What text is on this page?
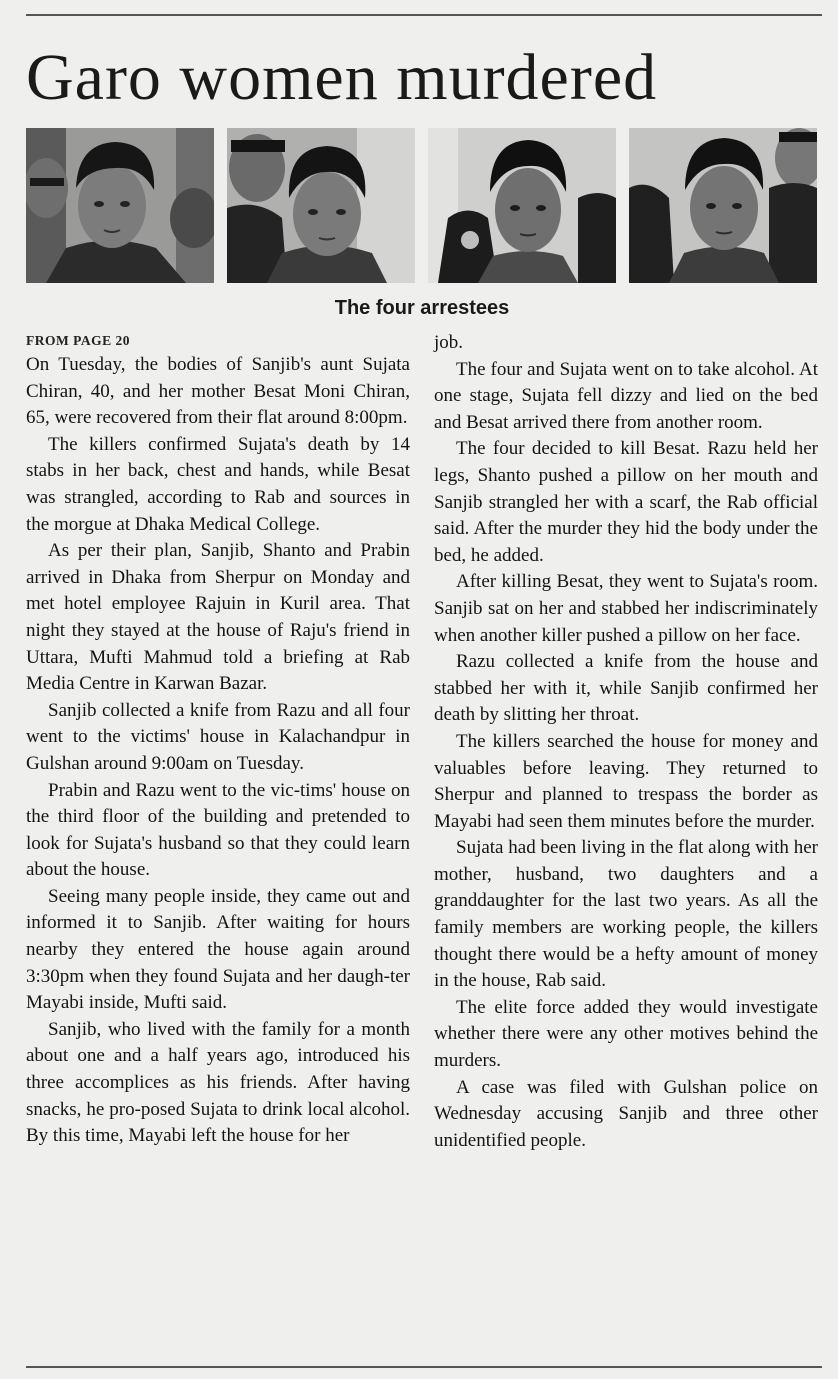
Garo women murdered
The four arrestees
FROM PAGE 20

On Tuesday, the bodies of Sanjib's aunt Sujata Chiran, 40, and her mother Besat Moni Chiran, 65, were recovered from their flat around 8:00pm.

The killers confirmed Sujata's death by 14 stabs in her back, chest and hands, while Besat was strangled, according to Rab and sources in the morgue at Dhaka Medical College.

As per their plan, Sanjib, Shanto and Prabin arrived in Dhaka from Sherpur on Monday and met hotel employee Rajuin in Kuril area. That night they stayed at the house of Raju's friend in Uttara, Mufti Mahmud told a briefing at Rab Media Centre in Karwan Bazar.

Sanjib collected a knife from Razu and all four went to the victims' house in Kalachandpur in Gulshan around 9:00am on Tuesday.

Prabin and Razu went to the vic-tims' house on the third floor of the building and pretended to look for Sujata's husband so that they could learn about the house.

Seeing many people inside, they came out and informed it to Sanjib. After waiting for hours nearby they entered the house again around 3:30pm when they found Sujata and her daugh-ter Mayabi inside, Mufti said.

Sanjib, who lived with the family for a month about one and a half years ago, introduced his three accomplices as his friends. After having snacks, he pro-posed Sujata to drink local alcohol. By this time, Mayabi left the house for her

job.

The four and Sujata went on to take alcohol. At one stage, Sujata fell dizzy and lied on the bed and Besat arrived there from another room.

The four decided to kill Besat. Razu held her legs, Shanto pushed a pillow on her mouth and Sanjib strangled her with a scarf, the Rab official said. After the murder they hid the body under the bed, he added.

After killing Besat, they went to Sujata's room. Sanjib sat on her and stabbed her indiscriminately when another killer pushed a pillow on her face.

Razu collected a knife from the house and stabbed her with it, while Sanjib confirmed her death by slitting her throat.

The killers searched the house for money and valuables before leaving. They returned to Sherpur and planned to trespass the border as Mayabi had seen them minutes before the murder.

Sujata had been living in the flat along with her mother, husband, two daughters and a granddaughter for the last two years. As all the family members are working people, the killers thought there would be a hefty amount of money in the house, Rab said.

The elite force added they would investigate whether there were any other motives behind the murders.

A case was filed with Gulshan police on Wednesday accusing Sanjib and three other unidentified people.
